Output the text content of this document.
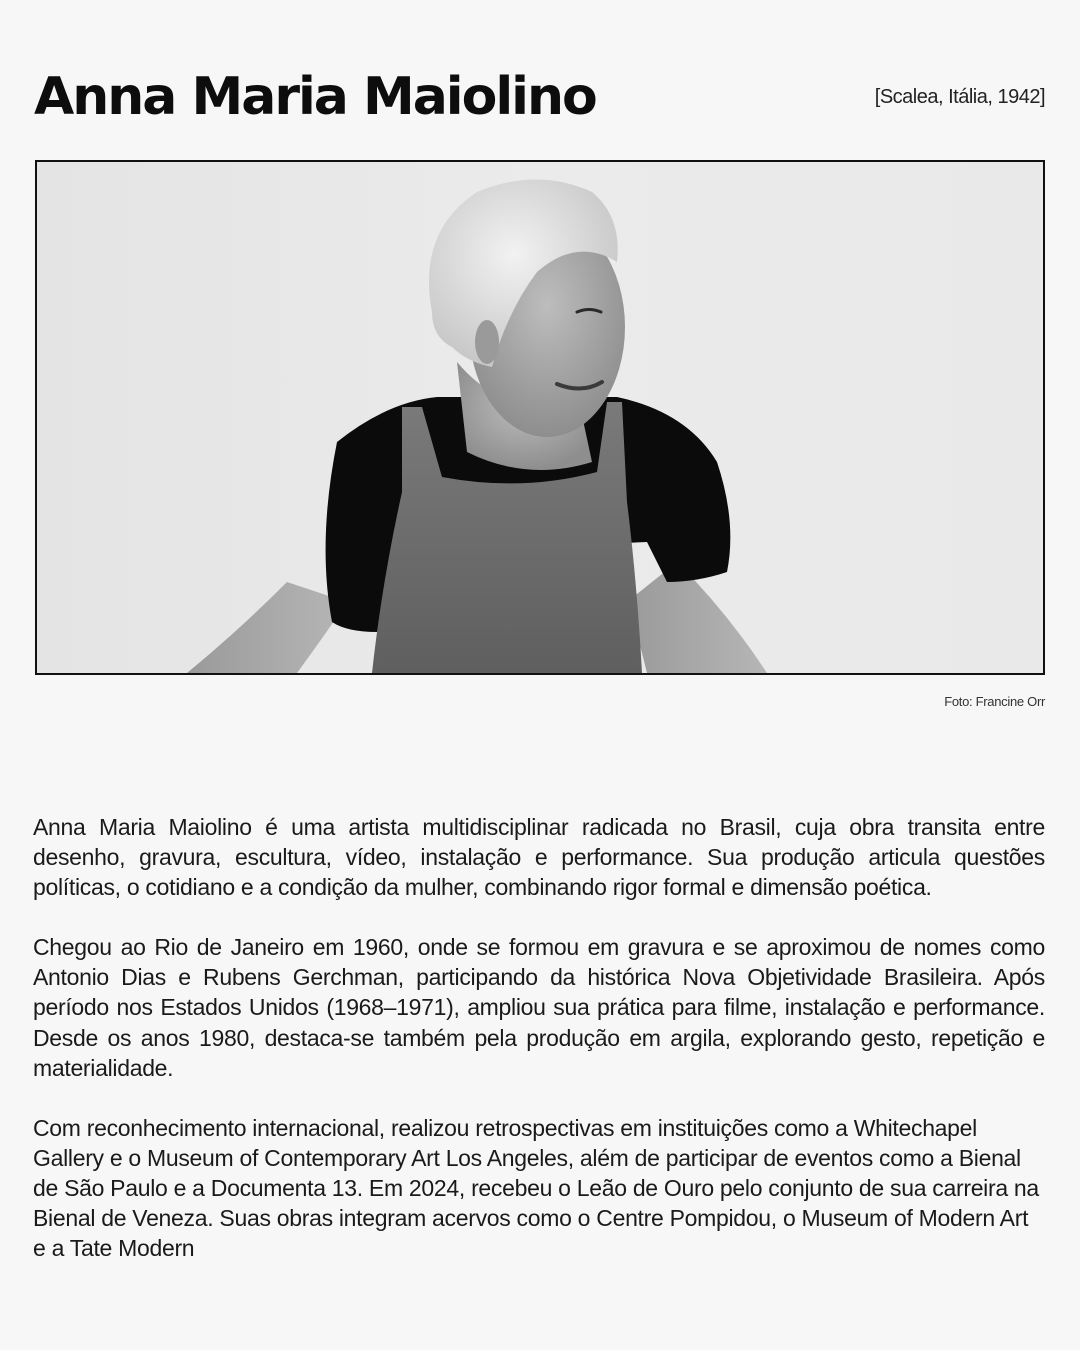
Anna Maria Maiolino	[Scalea, Itália, 1942]
Foto: Francine Orr

Anna Maria Maiolino é uma artista multidisciplinar radicada no Brasil, cuja obra transita entre desenho, gravura, escultura, vídeo, instalação e performance. Sua produção articula questões políticas, o cotidiano e a condição da mulher, combinando rigor formal e dimensão poética.

Chegou ao Rio de Janeiro em 1960, onde se formou em gravura e se aproximou de nomes como Antonio Dias e Rubens Gerchman, participando da histórica Nova Objetividade Brasileira. Após período nos Estados Unidos (1968–1971), ampliou sua prática para filme, instalação e performance. Desde os anos 1980, destaca-se também pela produção em argila, explorando gesto, repetição e materialidade.

Com reconhecimento internacional, realizou retrospectivas em instituições como a Whitechapel Gallery e o Museum of Contemporary Art Los Angeles, além de participar de eventos como a Bienal de São Paulo e a Documenta 13. Em 2024, recebeu o Leão de Ouro pelo conjunto de sua carreira na Bienal de Veneza. Suas obras integram acervos como o Centre Pompidou, o Museum of Modern Art e a Tate Modern
